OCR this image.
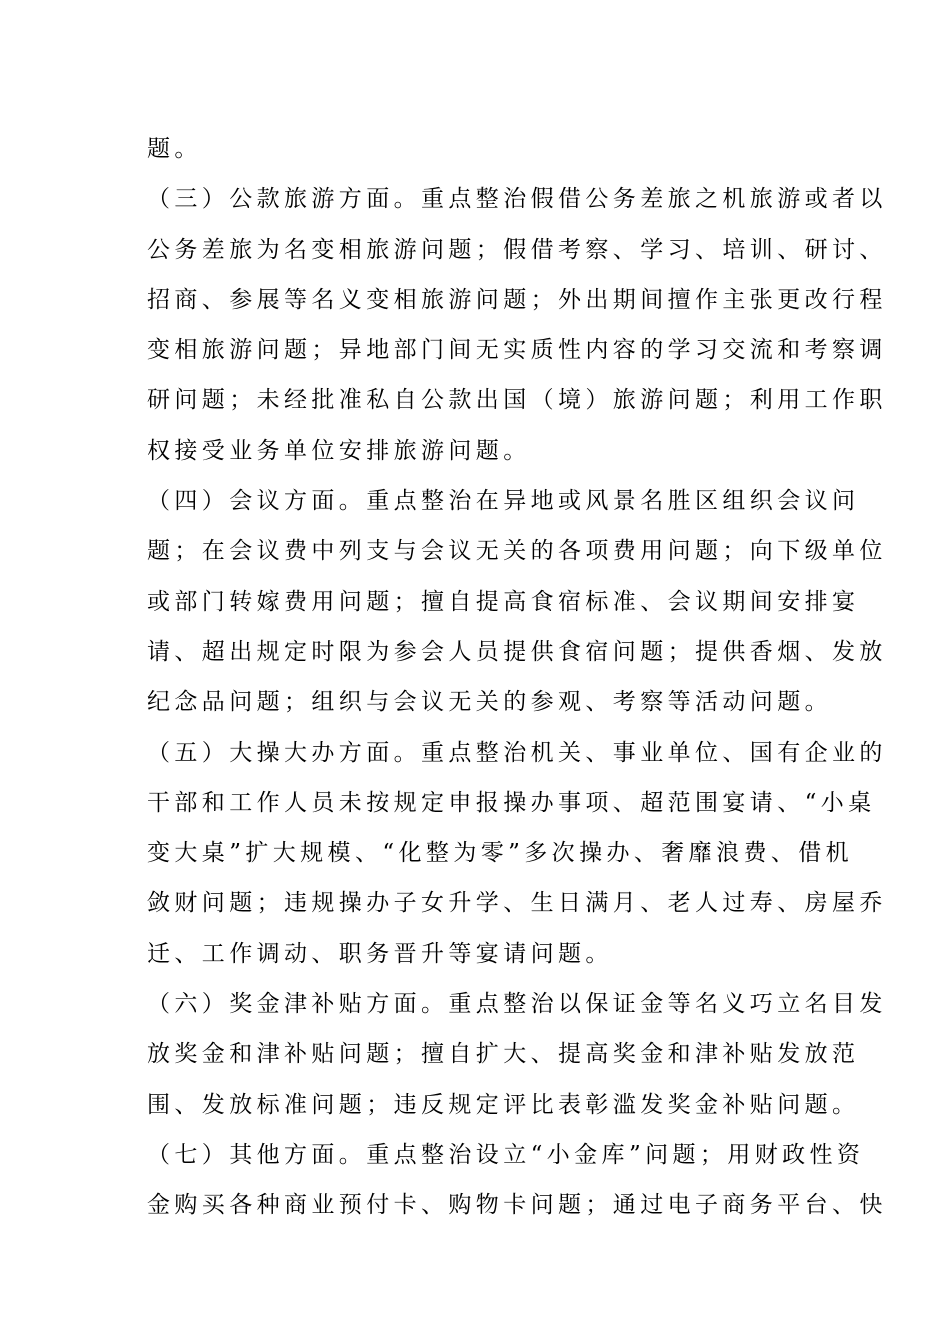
题。
（三）公款旅游方面。重点整治假借公务差旅之机旅游或者以
公务差旅为名变相旅游问题；假借考察、学习、培训、研讨、
招商、参展等名义变相旅游问题；外出期间擅作主张更改行程
变相旅游问题；异地部门间无实质性内容的学习交流和考察调
研问题；未经批准私自公款出国（境）旅游问题；利用工作职
权接受业务单位安排旅游问题。
（四）会议方面。重点整治在异地或风景名胜区组织会议问
题；在会议费中列支与会议无关的各项费用问题；向下级单位
或部门转嫁费用问题；擅自提高食宿标准、会议期间安排宴
请、超出规定时限为参会人员提供食宿问题；提供香烟、发放
纪念品问题；组织与会议无关的参观、考察等活动问题。
（五）大操大办方面。重点整治机关、事业单位、国有企业的
干部和工作人员未按规定申报操办事项、超范围宴请、“小桌
变大桌”扩大规模、“化整为零”多次操办、奢靡浪费、借机
敛财问题；违规操办子女升学、生日满月、老人过寿、房屋乔
迁、工作调动、职务晋升等宴请问题。
（六）奖金津补贴方面。重点整治以保证金等名义巧立名目发
放奖金和津补贴问题；擅自扩大、提高奖金和津补贴发放范
围、发放标准问题；违反规定评比表彰滥发奖金补贴问题。
（七）其他方面。重点整治设立“小金库”问题；用财政性资
金购买各种商业预付卡、购物卡问题；通过电子商务平台、快
